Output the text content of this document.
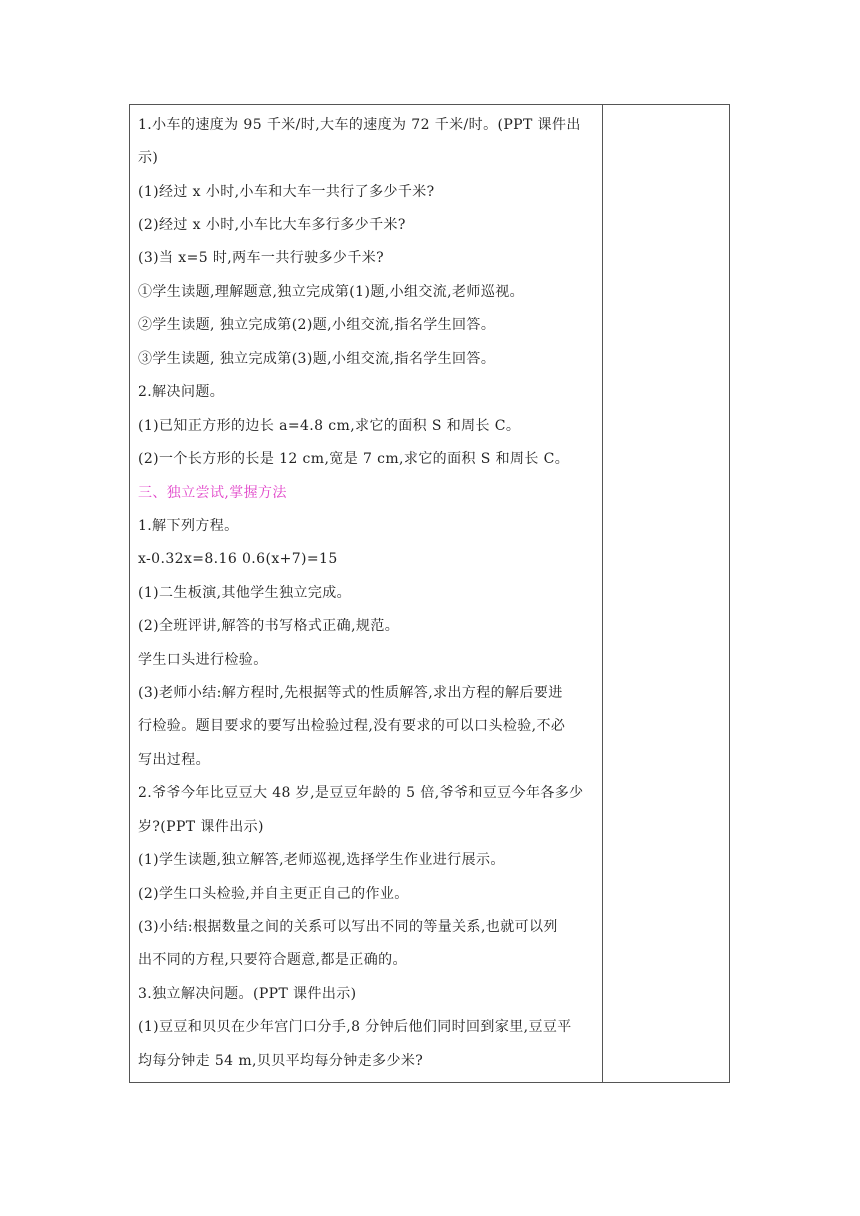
1.小车的速度为 95 千米/时,大车的速度为 72 千米/时。(PPT 课件出
示)
(1)经过 x 小时,小车和大车一共行了多少千米?
(2)经过 x 小时,小车比大车多行多少千米?
(3)当 x=5 时,两车一共行驶多少千米?
①学生读题,理解题意,独立完成第(1)题,小组交流,老师巡视。
②学生读题, 独立完成第(2)题,小组交流,指名学生回答。
③学生读题, 独立完成第(3)题,小组交流,指名学生回答。
2.解决问题。
(1)已知正方形的边长 a=4.8 cm,求它的面积 S 和周长 C。
(2)一个长方形的长是 12 cm,宽是 7 cm,求它的面积 S 和周长 C。
三、独立尝试,掌握方法
1.解下列方程。
x-0.32x=8.16 0.6(x+7)=15
(1)二生板演,其他学生独立完成。
(2)全班评讲,解答的书写格式正确,规范。
学生口头进行检验。
(3)老师小结:解方程时,先根据等式的性质解答,求出方程的解后要进
行检验。题目要求的要写出检验过程,没有要求的可以口头检验,不必
写出过程。
2.爷爷今年比豆豆大 48 岁,是豆豆年龄的 5 倍,爷爷和豆豆今年各多少
岁?(PPT 课件出示)
(1)学生读题,独立解答,老师巡视,选择学生作业进行展示。
(2)学生口头检验,并自主更正自己的作业。
(3)小结:根据数量之间的关系可以写出不同的等量关系,也就可以列
出不同的方程,只要符合题意,都是正确的。
3.独立解决问题。(PPT 课件出示)
(1)豆豆和贝贝在少年宫门口分手,8 分钟后他们同时回到家里,豆豆平
均每分钟走 54 m,贝贝平均每分钟走多少米?
